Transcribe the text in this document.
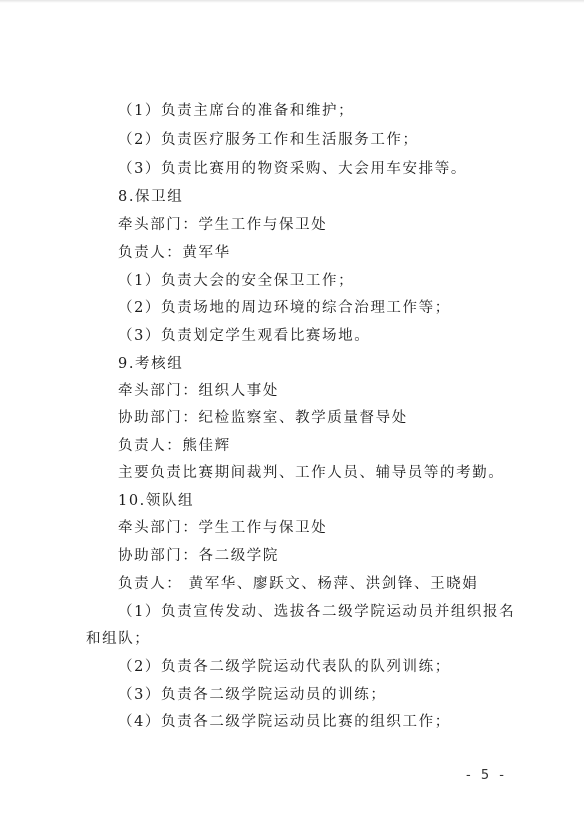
（1）负责主席台的准备和维护；
（2）负责医疗服务工作和生活服务工作；
（3）负责比赛用的物资采购、大会用车安排等。
8.保卫组
牵头部门：学生工作与保卫处
负责人：黄军华
（1）负责大会的安全保卫工作；
（2）负责场地的周边环境的综合治理工作等；
（3）负责划定学生观看比赛场地。
9.考核组
牵头部门：组织人事处
协助部门：纪检监察室、教学质量督导处
负责人：熊佳辉
主要负责比赛期间裁判、工作人员、辅导员等的考勤。
10.领队组
牵头部门：学生工作与保卫处
协助部门：各二级学院
负责人： 黄军华、廖跃文、杨萍、洪剑锋、王晓娟
（1）负责宣传发动、选拔各二级学院运动员并组织报名
和组队；
（2）负责各二级学院运动代表队的队列训练；
（3）负责各二级学院运动员的训练；
（4）负责各二级学院运动员比赛的组织工作；
- 5 -
